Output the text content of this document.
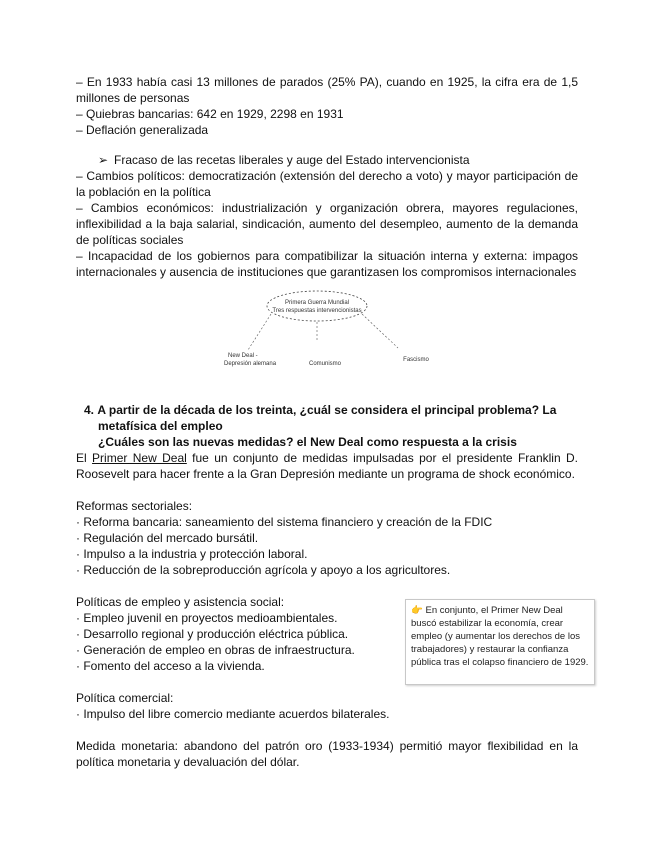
– En 1933 había casi 13 millones de parados (25% PA), cuando en 1925, la cifra era de 1,5 millones de personas

– Quiebras bancarias: 642 en 1929, 2298 en 1931

– Deflación generalizada

➢ Fracaso de las recetas liberales y auge del Estado intervencionista

– Cambios políticos: democratización (extensión del derecho a voto) y mayor participación de la población en la política

– Cambios económicos: industrialización y organización obrera, mayores regulaciones, inflexibilidad a la baja salarial, sindicación, aumento del desempleo, aumento de la demanda de políticas sociales

– Incapacidad de los gobiernos para compatibilizar la situación interna y externa: impagos internacionales y ausencia de instituciones que garantizasen los compromisos internacionales

Primera Guerra Mundial
Tres respuestas intervencionistas
New Deal -
Depresión alemana	Comunismo
Fascismo

4. A partir de la década de los treinta, ¿cuál se considera el principal problema? La

metafísica del empleo

¿Cuáles son las nuevas medidas? el New Deal como respuesta a la crisis

El Primer New Deal fue un conjunto de medidas impulsadas por el presidente Franklin D. Roosevelt para hacer frente a la Gran Depresión mediante un programa de shock económico.

Reformas sectoriales:

· Reforma bancaria: saneamiento del sistema financiero y creación de la FDIC

· Regulación del mercado bursátil.

· Impulso a la industria y protección laboral.

· Reducción de la sobreproducción agrícola y apoyo a los agricultores.

Políticas de empleo y asistencia social:

· Empleo juvenil en proyectos medioambientales.

· Desarrollo regional y producción eléctrica pública.

· Generación de empleo en obras de infraestructura.

· Fomento del acceso a la vivienda.

Política comercial:

· Impulso del libre comercio mediante acuerdos bilaterales.

Medida monetaria: abandono del patrón oro (1933-1934) permitió mayor flexibilidad en la política monetaria y devaluación del dólar.

👉 En conjunto, el Primer New Deal buscó estabilizar la economía, crear empleo (y aumentar los derechos de los trabajadores) y restaurar la confianza pública tras el colapso financiero de 1929.
